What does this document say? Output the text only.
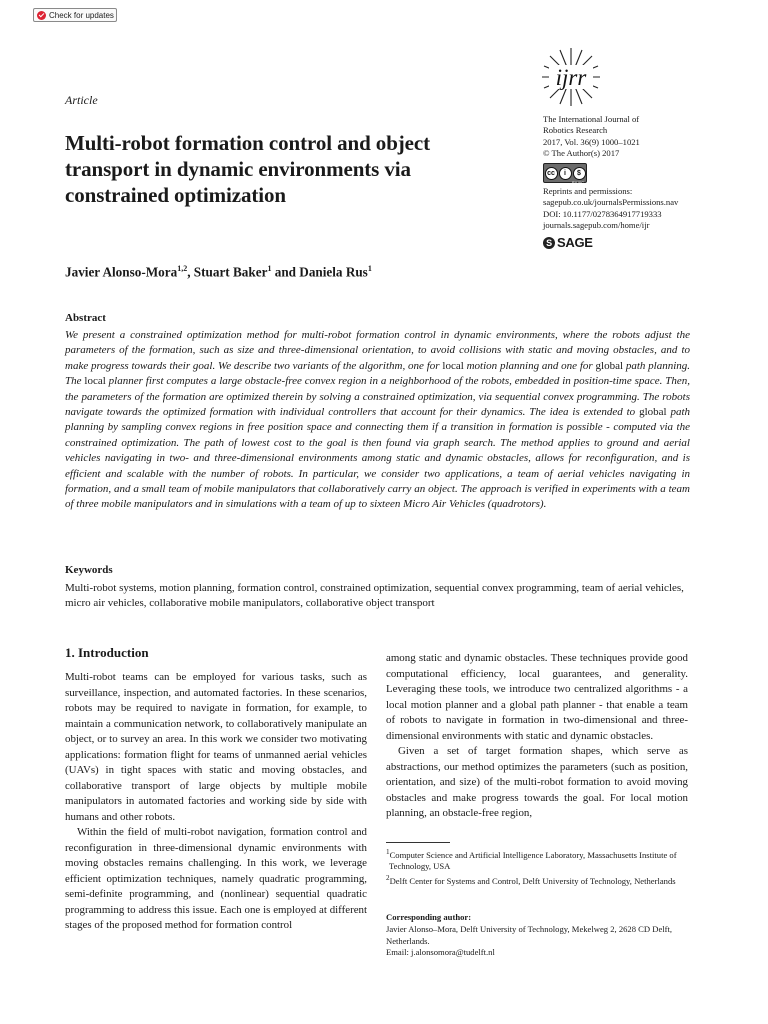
Check for updates
Article
Multi-robot formation control and object transport in dynamic environments via constrained optimization
ijrr
The International Journal of
Robotics Research
2017, Vol. 36(9) 1000–1021
© The Author(s) 2017
cc	i	$
BY NC
Reprints and permissions:
sagepub.co.uk/journalsPermissions.nav
DOI: 10.1177/0278364917719333
journals.sagepub.com/home/ijr
S SAGE
Javier Alonso-Mora$^{1,2}$, Stuart Baker$^1$ and Daniela Rus$^1$
Abstract
We present a constrained optimization method for multi-robot formation control in dynamic environments, where the robots adjust the parameters of the formation, such as size and three-dimensional orientation, to avoid collisions with static and moving obstacles, and to make progress towards their goal. We describe two variants of the algorithm, one for local motion planning and one for global path planning. The local planner first computes a large obstacle-free convex region in a neighborhood of the robots, embedded in position-time space. Then, the parameters of the formation are optimized therein by solving a constrained optimization, via sequential convex programming. The robots navigate towards the optimized formation with individual controllers that account for their dynamics. The idea is extended to global path planning by sampling convex regions in free position space and connecting them if a transition in formation is possible - computed via the constrained optimization. The path of lowest cost to the goal is then found via graph search. The method applies to ground and aerial vehicles navigating in two- and three-dimensional environments among static and dynamic obstacles, allows for reconfiguration, and is efficient and scalable with the number of robots. In particular, we consider two applications, a team of aerial vehicles navigating in formation, and a small team of mobile manipulators that collaboratively carry an object. The approach is verified in experiments with a team of three mobile manipulators and in simulations with a team of up to sixteen Micro Air Vehicles (quadrotors).
Keywords
Multi-robot systems, motion planning, formation control, constrained optimization, sequential convex programming, team of aerial vehicles, micro air vehicles, collaborative mobile manipulators, collaborative object transport
1. Introduction

Multi-robot teams can be employed for various tasks, such as surveillance, inspection, and automated factories. In these scenarios, robots may be required to navigate in formation, for example, to maintain a communication network, to collaboratively manipulate an object, or to survey an area. In this work we consider two motivating applications: formation flight for teams of unmanned aerial vehicles (UAVs) in tight spaces with static and moving obstacles, and collaborative transport of large objects by multiple mobile manipulators in automated factories and working side by side with humans and other robots.

Within the field of multi-robot navigation, formation control and reconfiguration in three-dimensional dynamic environments with moving obstacles remains challenging. In this work, we leverage efficient optimization techniques, namely quadratic programming, semi-definite programming, and (nonlinear) sequential quadratic programming to address this issue. Each one is employed at different stages of the proposed method for formation control

among static and dynamic obstacles. These techniques provide good computational efficiency, local guarantees, and generality. Leveraging these tools, we introduce two centralized algorithms - a local motion planner and a global path planner - that enable a team of robots to navigate in formation in two-dimensional and three-dimensional environments with static and dynamic obstacles.

Given a set of target formation shapes, which serve as abstractions, our method optimizes the parameters (such as position, orientation, and size) of the multi-robot formation to avoid moving obstacles and make progress towards the goal. For local motion planning, an obstacle-free region,

$^1$Computer Science and Artificial Intelligence Laboratory, Massachusetts Institute of Technology, USA
$^2$Delft Center for Systems and Control, Delft University of Technology, Netherlands
Corresponding author:
Javier Alonso–Mora, Delft University of Technology, Mekelweg 2, 2628 CD Delft, Netherlands.
Email: j.alonsomora@tudelft.nl
